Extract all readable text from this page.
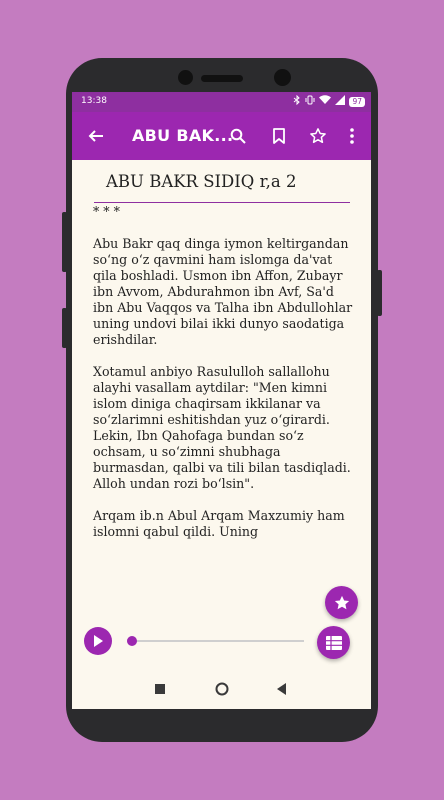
13:38	97
ABU BAK...
ABU BAKR SIDIQ r,a 2
* * *

Abu Bakr qaq dinga iymon keltirgandan so‘ng o‘z qavmini ham islomga da'vat qila boshladi. Usmon ibn Affon, Zubayr ibn Avvom, Abdurahmon ibn Avf, Sa'd ibn Abu Vaqqos va Talha ibn Abdullohlar uning undovi bilai ikki dunyo saodatiga erishdilar.

Xotamul anbiyo Rasululloh sallallohu alayhi vasallam aytdilar: "Men kimni islom diniga chaqirsam ikkilanar va so‘zlarimni eshitishdan yuz o‘girardi. Lekin, Ibn Qahofaga bundan so‘z ochsam, u so‘zimni shubhaga burmasdan, qalbi va tili bilan tasdiqladi. Alloh undan rozi bo‘lsin".

Arqam ib.n Abul Arqam Maxzumiy ham islomni qabul qildi. Uning
